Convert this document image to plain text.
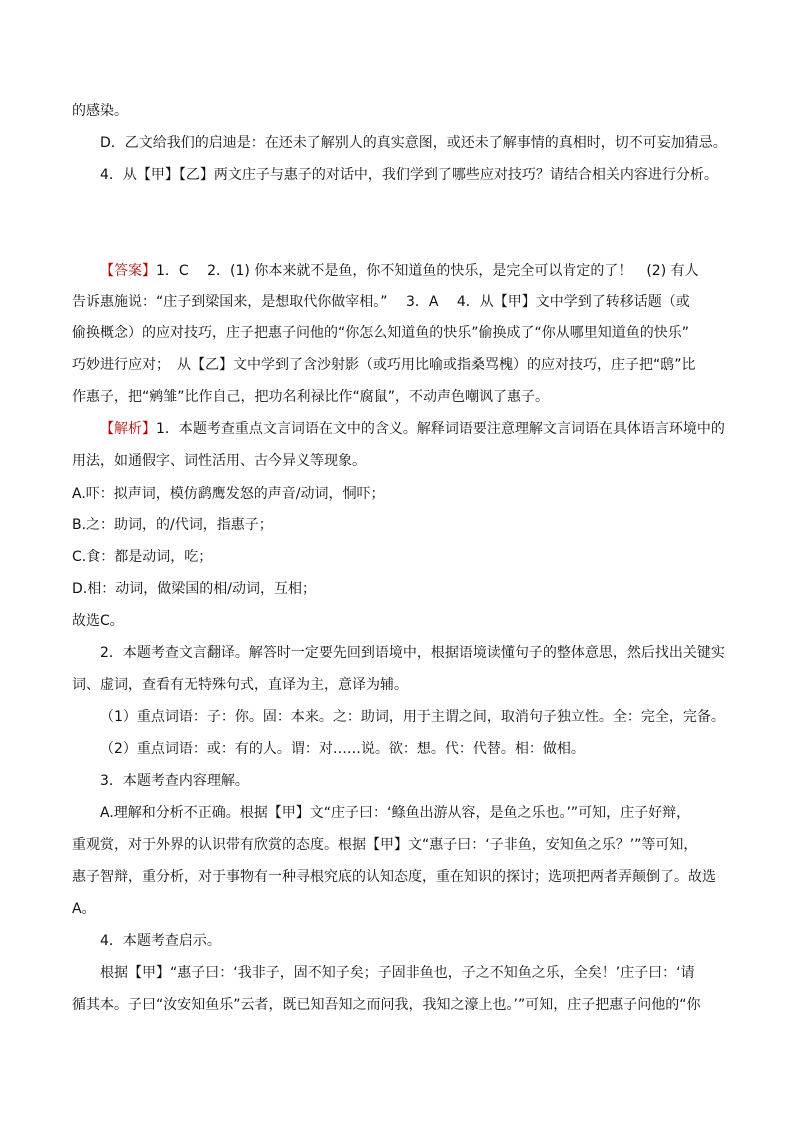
的感染。
D．乙文给我们的启迪是：在还未了解别人的真实意图，或还未了解事情的真相时，切不可妄加猜忌。
4．从【甲】【乙】两文庄子与惠子的对话中，我们学到了哪些应对技巧？请结合相关内容进行分析。
【答案】1．C　 2．(1) 你本来就不是鱼，你不知道鱼的快乐，是完全可以肯定的了！　(2) 有人
告诉惠施说：“庄子到梁国来，是想取代你做宰相。”　 3．A　 4．从【甲】文中学到了转移话题（或
偷换概念）的应对技巧，庄子把惠子问他的“你怎么知道鱼的快乐”偷换成了“你从哪里知道鱼的快乐”
巧妙进行应对；　从【乙】文中学到了含沙射影（或巧用比喻或指桑骂槐）的应对技巧，庄子把“鸱”比
作惠子，把“鹓雏”比作自己，把功名利禄比作“腐鼠”，不动声色嘲讽了惠子。
【解析】1．本题考查重点文言词语在文中的含义。解释词语要注意理解文言词语在具体语言环境中的
用法，如通假字、词性活用、古今异义等现象。
A.吓：拟声词，模仿鹞鹰发怒的声音/动词，恫吓；
B.之：助词，的/代词，指惠子；
C.食：都是动词，吃；
D.相：动词，做梁国的相/动词，互相；
故选C。
2．本题考查文言翻译。解答时一定要先回到语境中，根据语境读懂句子的整体意思，然后找出关键实
词、虚词，查看有无特殊句式，直译为主，意译为辅。
（1）重点词语：子：你。固：本来。之：助词，用于主谓之间，取消句子独立性。全：完全，完备。
（2）重点词语：或：有的人。谓：对……说。欲：想。代：代替。相：做相。
3．本题考查内容理解。
A.理解和分析不正确。根据【甲】文“庄子曰：‘鲦鱼出游从容，是鱼之乐也。’”可知，庄子好辩，
重观赏，对于外界的认识带有欣赏的态度。根据【甲】文“惠子曰：‘子非鱼，安知鱼之乐？’”等可知，
惠子智辩，重分析，对于事物有一种寻根究底的认知态度，重在知识的探讨；选项把两者弄颠倒了。故选
A。
4．本题考查启示。
根据【甲】“惠子曰：‘我非子，固不知子矣；子固非鱼也，子之不知鱼之乐，全矣！’庄子曰：‘请
循其本。子曰“汝安知鱼乐”云者，既已知吾知之而问我，我知之濠上也。’”可知，庄子把惠子问他的“你
